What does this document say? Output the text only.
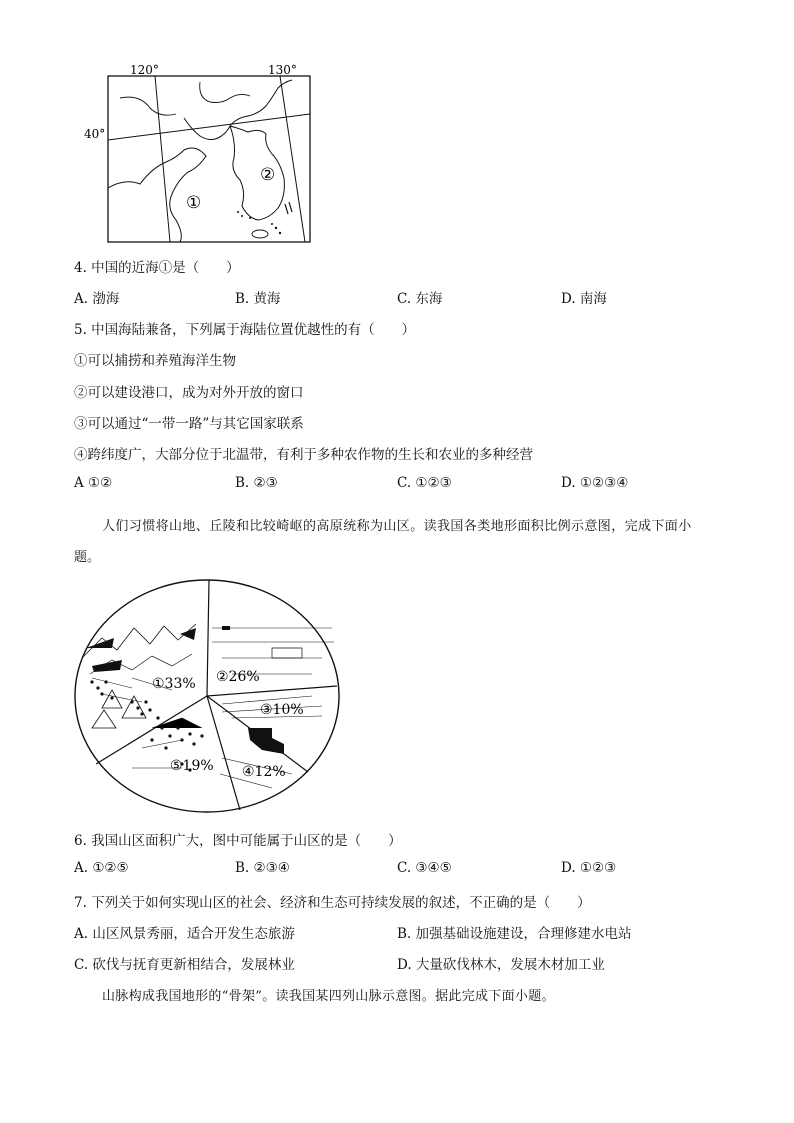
120°	130°
40°
①
②
4. 中国的近海①是（　　）
A. 渤海	B. 黄海	C. 东海	D. 南海
5. 中国海陆兼备，下列属于海陆位置优越性的有（　　）
①可以捕捞和养殖海洋生物
②可以建设港口，成为对外开放的窗口
③可以通过“一带一路”与其它国家联系
④跨纬度广，大部分位于北温带，有利于多种农作物的生长和农业的多种经营
A ①②	B. ②③	C. ①②③	D. ①②③④
人们习惯将山地、丘陵和比较崎岖的高原统称为山区。读我国各类地形面积比例示意图，完成下面小
题。
①33% ②26%
③10%
④12%
⑤19%
6. 我国山区面积广大，图中可能属于山区的是（　　）
A. ①②⑤	B. ②③④	C. ③④⑤	D. ①②③
7. 下列关于如何实现山区的社会、经济和生态可持续发展的叙述，不正确的是（　　）
A. 山区风景秀丽，适合开发生态旅游	B. 加强基础设施建设，合理修建水电站
C. 砍伐与抚育更新相结合，发展林业	D. 大量砍伐林木，发展木材加工业
山脉构成我国地形的“骨架”。读我国某四列山脉示意图。据此完成下面小题。
